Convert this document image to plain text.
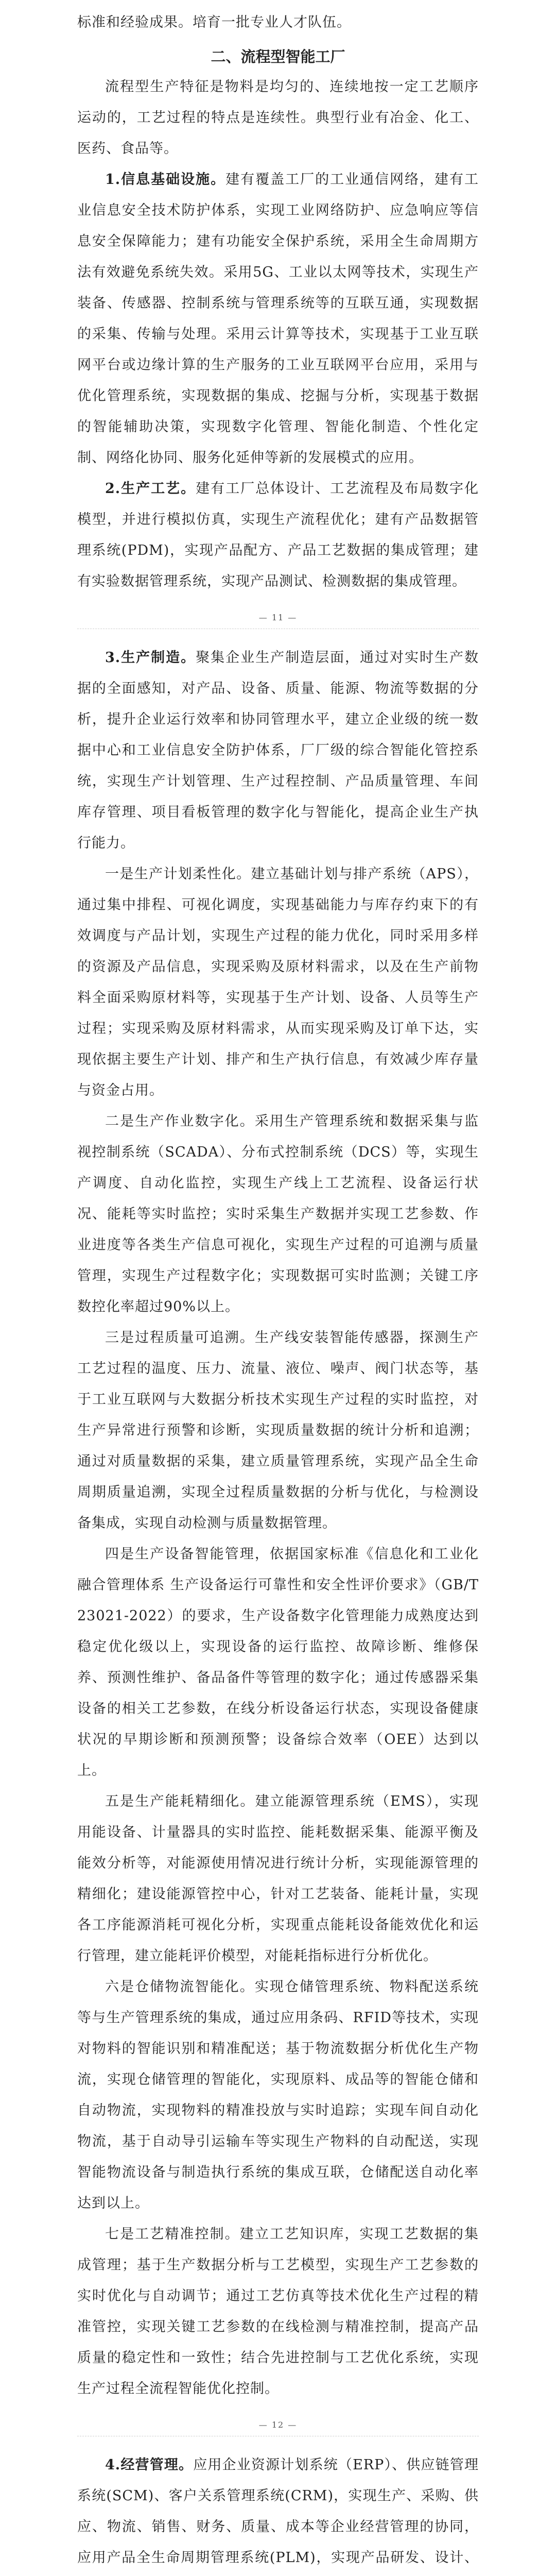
标准和经验成果。培育一批专业人才队伍。

二、流程型智能工厂

流程型生产特征是物料是均匀的、连续地按一定工艺顺序运动的，工艺过程的特点是连续性。典型行业有冶金、化工、医药、食品等。

1.信息基础设施。建有覆盖工厂的工业通信网络，建有工业信息安全技术防护体系，实现工业网络防护、应急响应等信息安全保障能力；建有功能安全保护系统，采用全生命周期方法有效避免系统失效。采用5G、工业以太网等技术，实现生产装备、传感器、控制系统与管理系统等的互联互通，实现数据的采集、传输与处理。采用云计算等技术，实现基于工业互联网平台或边缘计算的生产服务的工业互联网平台应用，采用与优化管理系统，实现数据的集成、挖掘与分析，实现基于数据的智能辅助决策，实现数字化管理、智能化制造、个性化定制、网络化协同、服务化延伸等新的发展模式的应用。

2.生产工艺。建有工厂总体设计、工艺流程及布局数字化模型，并进行模拟仿真，实现生产流程优化；建有产品数据管理系统(PDM)，实现产品配方、产品工艺数据的集成管理；建有实验数据管理系统，实现产品测试、检测数据的集成管理。

— 11 —

3.生产制造。聚集企业生产制造层面，通过对实时生产数据的全面感知，对产品、设备、质量、能源、物流等数据的分析，提升企业运行效率和协同管理水平，建立企业级的统一数据中心和工业信息安全防护体系，厂厂级的综合智能化管控系统，实现生产计划管理、生产过程控制、产品质量管理、车间库存管理、项目看板管理的数字化与智能化，提高企业生产执行能力。

一是生产计划柔性化。建立基础计划与排产系统（APS），通过集中排程、可视化调度，实现基础能力与库存约束下的有效调度与产品计划，实现生产过程的能力优化，同时采用多样的资源及产品信息，实现采购及原材料需求，以及在生产前物料全面采购原材料等，实现基于生产计划、设备、人员等生产过程；实现采购及原材料需求，从而实现采购及订单下达，实现依据主要生产计划、排产和生产执行信息，有效减少库存量与资金占用。

二是生产作业数字化。采用生产管理系统和数据采集与监视控制系统（SCADA）、分布式控制系统（DCS）等，实现生产调度、自动化监控，实现生产线上工艺流程、设备运行状况、能耗等实时监控；实时采集生产数据并实现工艺参数、作业进度等各类生产信息可视化，实现生产过程的可追溯与质量管理，实现生产过程数字化；实现数据可实时监测；关键工序数控化率超过90%以上。

三是过程质量可追溯。生产线安装智能传感器，探测生产工艺过程的温度、压力、流量、液位、噪声、阀门状态等，基于工业互联网与大数据分析技术实现生产过程的实时监控，对生产异常进行预警和诊断，实现质量数据的统计分析和追溯；通过对质量数据的采集，建立质量管理系统，实现产品全生命周期质量追溯，实现全过程质量数据的分析与优化，与检测设备集成，实现自动检测与质量数据管理。

四是生产设备智能管理，依据国家标准《信息化和工业化融合管理体系 生产设备运行可靠性和安全性评价要求》（GB/T 23021-2022）的要求，生产设备数字化管理能力成熟度达到稳定优化级以上，实现设备的运行监控、故障诊断、维修保养、预测性维护、备品备件等管理的数字化；通过传感器采集设备的相关工艺参数，在线分析设备运行状态，实现设备健康状况的早期诊断和预测预警；设备综合效率（OEE）达到以上。

五是生产能耗精细化。建立能源管理系统（EMS），实现用能设备、计量器具的实时监控、能耗数据采集、能源平衡及能效分析等，对能源使用情况进行统计分析，实现能源管理的精细化；建设能源管控中心，针对工艺装备、能耗计量，实现各工序能源消耗可视化分析，实现重点能耗设备能效优化和运行管理，建立能耗评价模型，对能耗指标进行分析优化。

六是仓储物流智能化。实现仓储管理系统、物料配送系统等与生产管理系统的集成，通过应用条码、RFID等技术，实现对物料的智能识别和精准配送；基于物流数据分析优化生产物流，实现仓储管理的智能化，实现原料、成品等的智能仓储和自动物流，实现物料的精准投放与实时追踪；实现车间自动化物流，基于自动导引运输车等实现生产物料的自动配送，实现智能物流设备与制造执行系统的集成互联，仓储配送自动化率达到以上。

七是工艺精准控制。建立工艺知识库，实现工艺数据的集成管理；基于生产数据分析与工艺模型，实现生产工艺参数的实时优化与自动调节；通过工艺仿真等技术优化生产过程的精准管控，实现关键工艺参数的在线检测与精准控制，提高产品质量的稳定性和一致性；结合先进控制与工艺优化系统，实现生产过程全流程智能优化控制。

— 12 —

4.经营管理。应用企业资源计划系统（ERP）、供应链管理系统(SCM)、客户关系管理系统(CRM)，实现生产、采购、供应、物流、销售、财务、质量、成本等企业经营管理的协同，应用产品全生命周期管理系统(PLM)，实现产品研发、设计、
